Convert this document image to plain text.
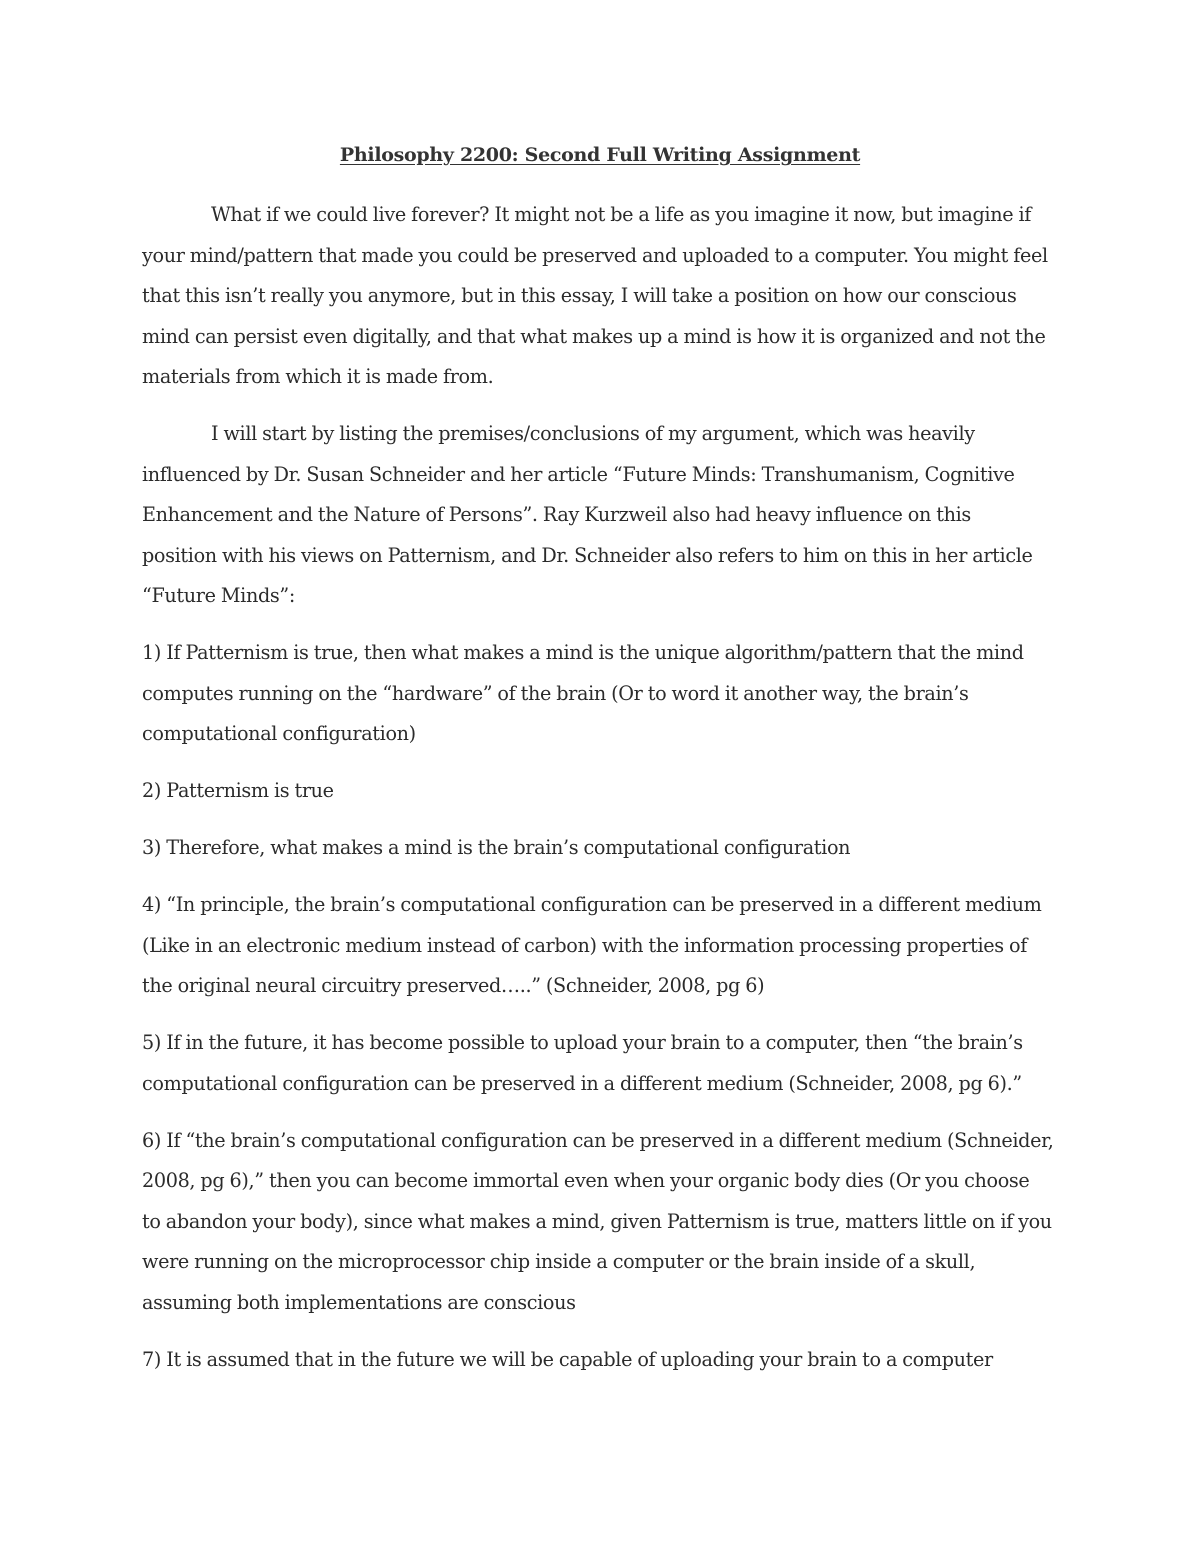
Philosophy 2200: Second Full Writing Assignment
What if we could live forever? It might not be a life as you imagine it now, but imagine if
your mind/pattern that made you could be preserved and uploaded to a computer. You might feel
that this isn’t really you anymore, but in this essay, I will take a position on how our conscious
mind can persist even digitally, and that what makes up a mind is how it is organized and not the
materials from which it is made from.
I will start by listing the premises/conclusions of my argument, which was heavily
influenced by Dr. Susan Schneider and her article “Future Minds: Transhumanism, Cognitive
Enhancement and the Nature of Persons”. Ray Kurzweil also had heavy influence on this
position with his views on Patternism, and Dr. Schneider also refers to him on this in her article
“Future Minds”:
1) If Patternism is true, then what makes a mind is the unique algorithm/pattern that the mind
computes running on the “hardware” of the brain (Or to word it another way, the brain’s
computational configuration)
2) Patternism is true
3) Therefore, what makes a mind is the brain’s computational configuration
4) “In principle, the brain’s computational configuration can be preserved in a different medium
(Like in an electronic medium instead of carbon) with the information processing properties of
the original neural circuitry preserved…..” (Schneider, 2008, pg 6)
5) If in the future, it has become possible to upload your brain to a computer, then “the brain’s
computational configuration can be preserved in a different medium (Schneider, 2008, pg 6).”
6) If “the brain’s computational configuration can be preserved in a different medium (Schneider,
2008, pg 6),” then you can become immortal even when your organic body dies (Or you choose
to abandon your body), since what makes a mind, given Patternism is true, matters little on if you
were running on the microprocessor chip inside a computer or the brain inside of a skull,
assuming both implementations are conscious
7) It is assumed that in the future we will be capable of uploading your brain to a computer
